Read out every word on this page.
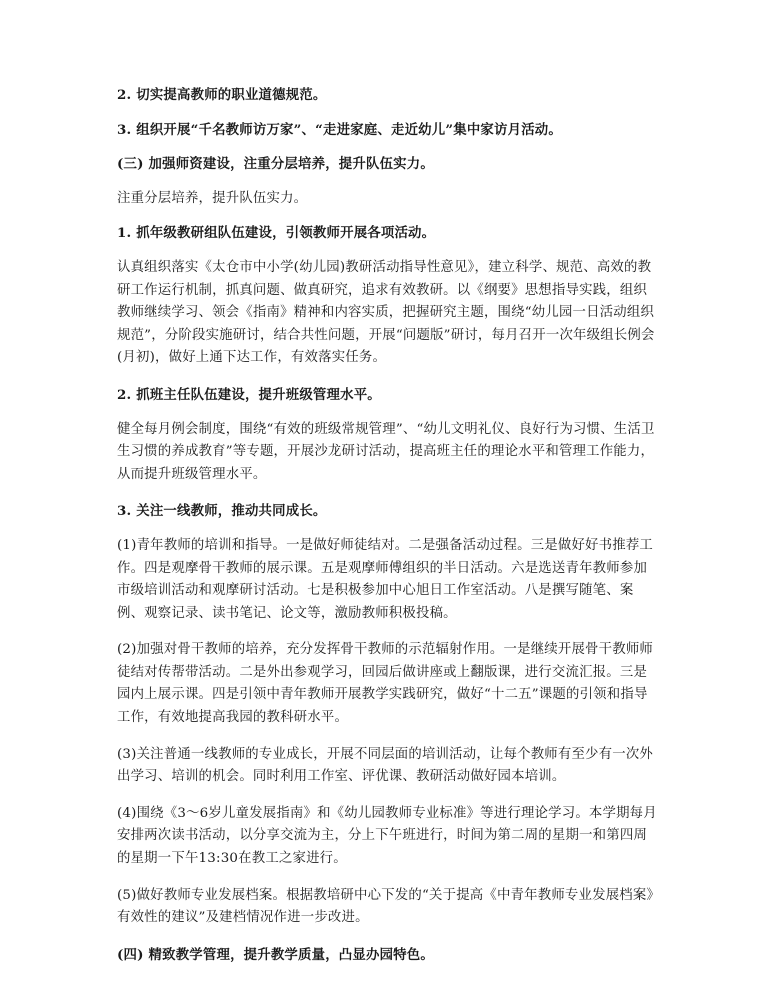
2. 切实提高教师的职业道德规范。

3. 组织开展“千名教师访万家”、“走进家庭、走近幼儿”集中家访月活动。

(三) 加强师资建设，注重分层培养，提升队伍实力。

注重分层培养，提升队伍实力。

1. 抓年级教研组队伍建设，引领教师开展各项活动。

认真组织落实《太仓市中小学(幼儿园)教研活动指导性意见》，建立科学、规范、高效的教研工作运行机制，抓真问题、做真研究，追求有效教研。以《纲要》思想指导实践，组织教师继续学习、领会《指南》精神和内容实质，把握研究主题，围绕“幼儿园一日活动组织规范”，分阶段实施研讨，结合共性问题，开展“问题版”研讨，每月召开一次年级组长例会(月初)，做好上通下达工作，有效落实任务。

2. 抓班主任队伍建设，提升班级管理水平。

健全每月例会制度，围绕“有效的班级常规管理”、“幼儿文明礼仪、良好行为习惯、生活卫生习惯的养成教育”等专题，开展沙龙研讨活动，提高班主任的理论水平和管理工作能力，从而提升班级管理水平。

3. 关注一线教师，推动共同成长。

(1)青年教师的培训和指导。一是做好师徒结对。二是强备活动过程。三是做好好书推荐工作。四是观摩骨干教师的展示课。五是观摩师傅组织的半日活动。六是选送青年教师参加市级培训活动和观摩研讨活动。七是积极参加中心旭日工作室活动。八是撰写随笔、案例、观察记录、读书笔记、论文等，激励教师积极投稿。

(2)加强对骨干教师的培养，充分发挥骨干教师的示范辐射作用。一是继续开展骨干教师师徒结对传帮带活动。二是外出参观学习，回园后做讲座或上翻版课，进行交流汇报。三是园内上展示课。四是引领中青年教师开展教学实践研究，做好“十二五”课题的引领和指导工作，有效地提高我园的教科研水平。

(3)关注普通一线教师的专业成长，开展不同层面的培训活动，让每个教师有至少有一次外出学习、培训的机会。同时利用工作室、评优课、教研活动做好园本培训。

(4)围绕《3～6岁儿童发展指南》和《幼儿园教师专业标准》等进行理论学习。本学期每月安排两次读书活动，以分享交流为主，分上下午班进行，时间为第二周的星期一和第四周的星期一下午13:30在教工之家进行。

(5)做好教师专业发展档案。根据教培研中心下发的“关于提高《中青年教师专业发展档案》有效性的建议”及建档情况作进一步改进。

(四) 精致教学管理，提升教学质量，凸显办园特色。
